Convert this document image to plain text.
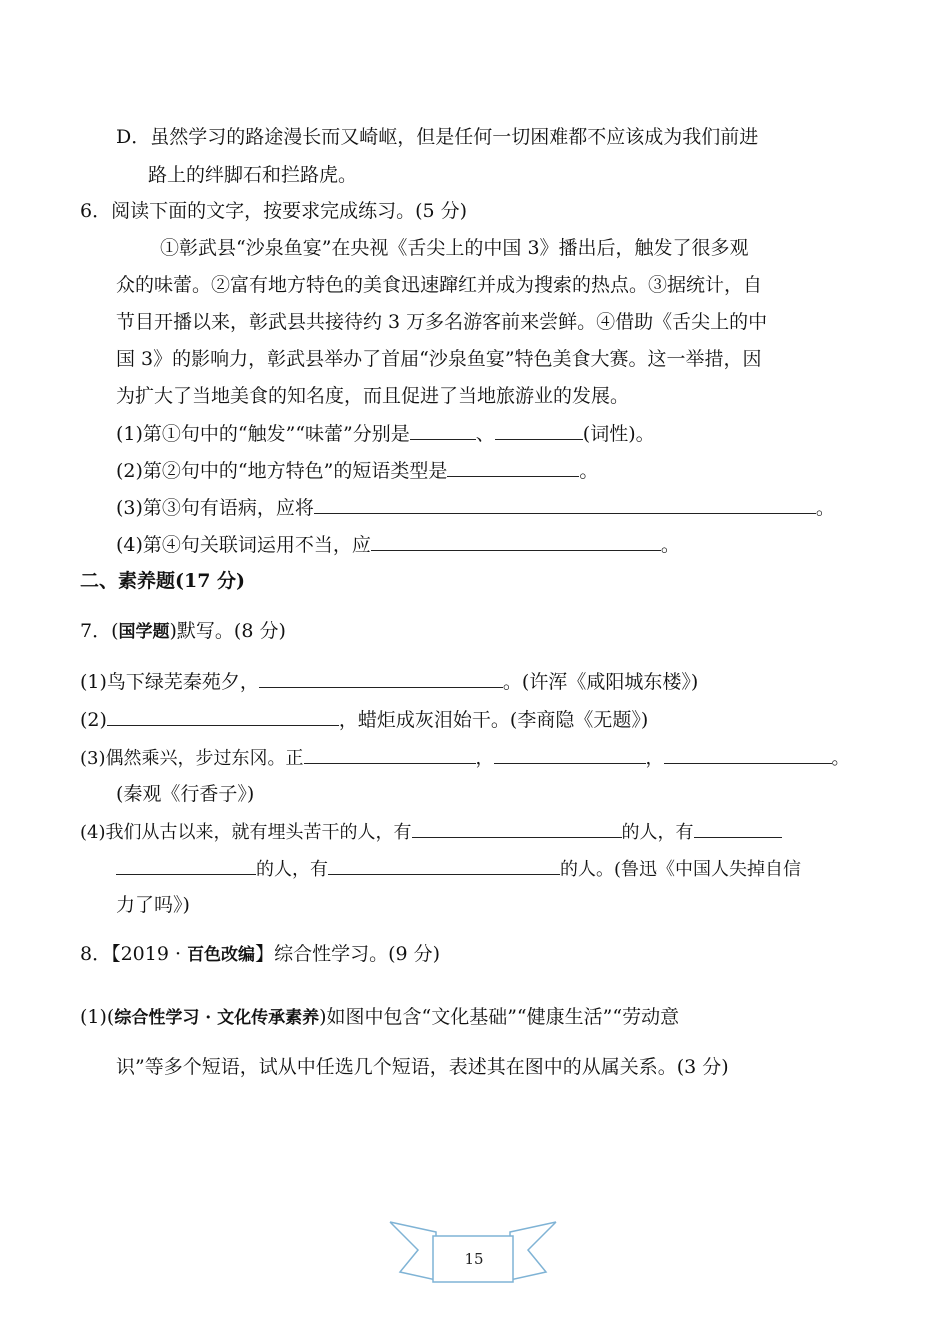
D．虽然学习的路途漫长而又崎岖，但是任何一切困难都不应该成为我们前进
路上的绊脚石和拦路虎。
6．阅读下面的文字，按要求完成练习。(5 分)
①彰武县“沙泉鱼宴”在央视《舌尖上的中国 3》播出后，触发了很多观
众的味蕾。②富有地方特色的美食迅速蹿红并成为搜索的热点。③据统计，自
节目开播以来，彰武县共接待约 3 万多名游客前来尝鲜。④借助《舌尖上的中
国 3》的影响力，彰武县举办了首届“沙泉鱼宴”特色美食大赛。这一举措，因
为扩大了当地美食的知名度，而且促进了当地旅游业的发展。
(1)第①句中的“触发”“味蕾”分别是	、	(词性)。
(2)第②句中的“地方特色”的短语类型是	。
(3)第③句有语病，应将	。
(4)第④句关联词运用不当，应	。
二、素养题(17 分)
7．(国学题)默写。(8 分)
(1)鸟下绿芜秦苑夕，	。(许浑《咸阳城东楼》)
(2)	，蜡炬成灰泪始干。(李商隐《无题》)
(3)偶然乘兴，步过东冈。正	，	，	。
(秦观《行香子》)
(4)我们从古以来，就有埋头苦干的人，有	的人，有
的人，有	的人。(鲁迅《中国人失掉自信
力了吗》)
8．【2019 · 百色改编】综合性学习。(9 分)
(1)(综合性学习 · 文化传承素养)如图中包含“文化基础”“健康生活”“劳动意
识”等多个短语，试从中任选几个短语，表述其在图中的从属关系。(3 分)
15
